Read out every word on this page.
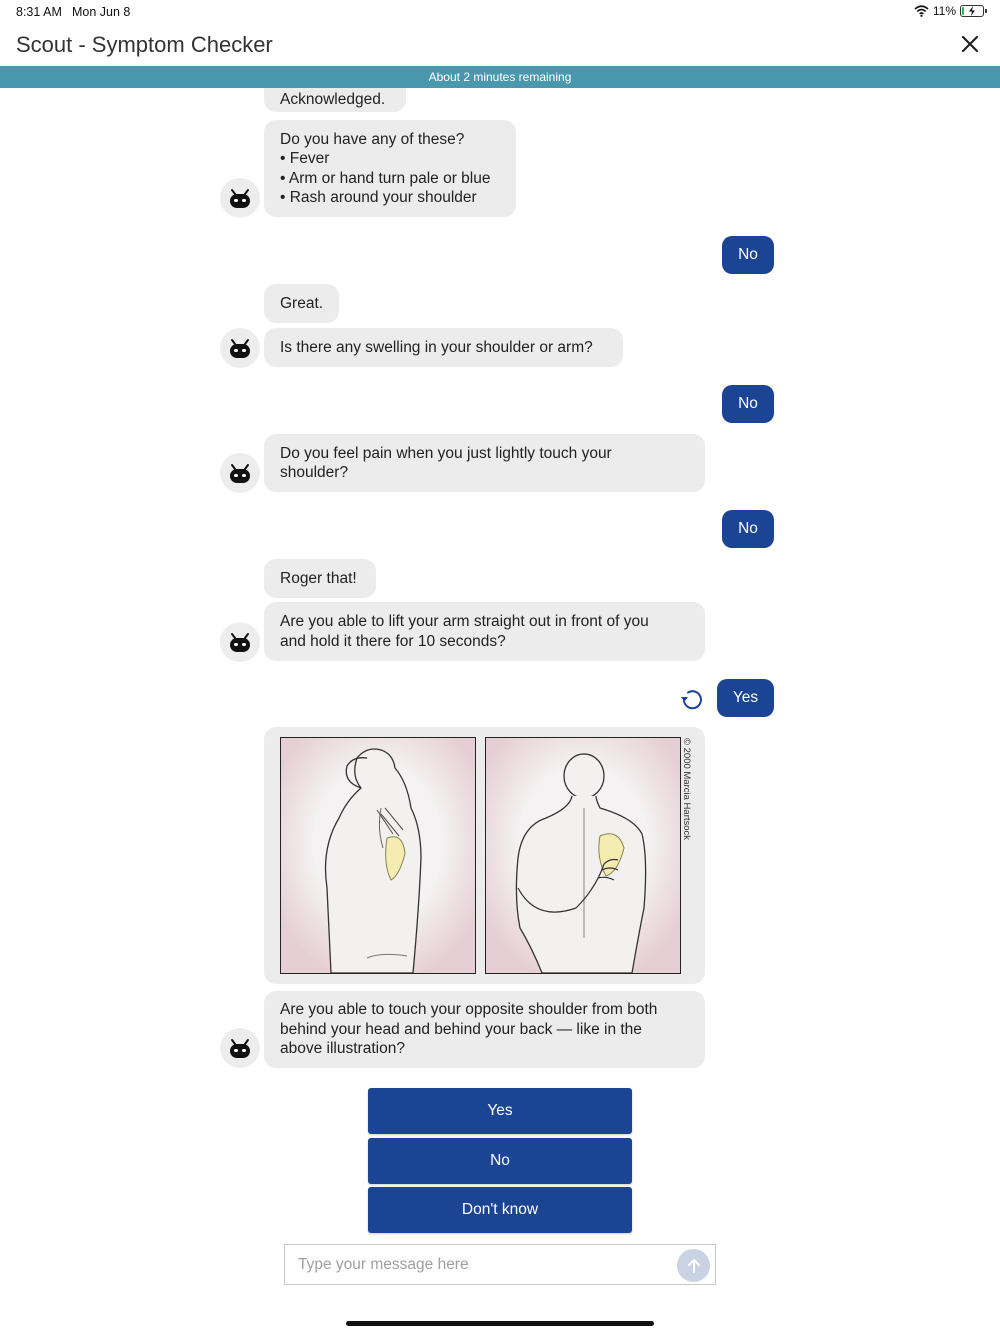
8:31 AM Mon Jun 8	11%
Scout - Symptom Checker
About 2 minutes remaining
Acknowledged.
Do you have any of these?
• Fever
• Arm or hand turn pale or blue
• Rash around your shoulder
No
Great.
Is there any swelling in your shoulder or arm?
No
Do you feel pain when you just lightly touch your
shoulder?
No
Roger that!
Are you able to lift your arm straight out in front of you
and hold it there for 10 seconds?
Yes
© 2000 Marcia Hartsock
Are you able to touch your opposite shoulder from both
behind your head and behind your back — like in the
above illustration?
Yes
No
Don't know
Type your message here
